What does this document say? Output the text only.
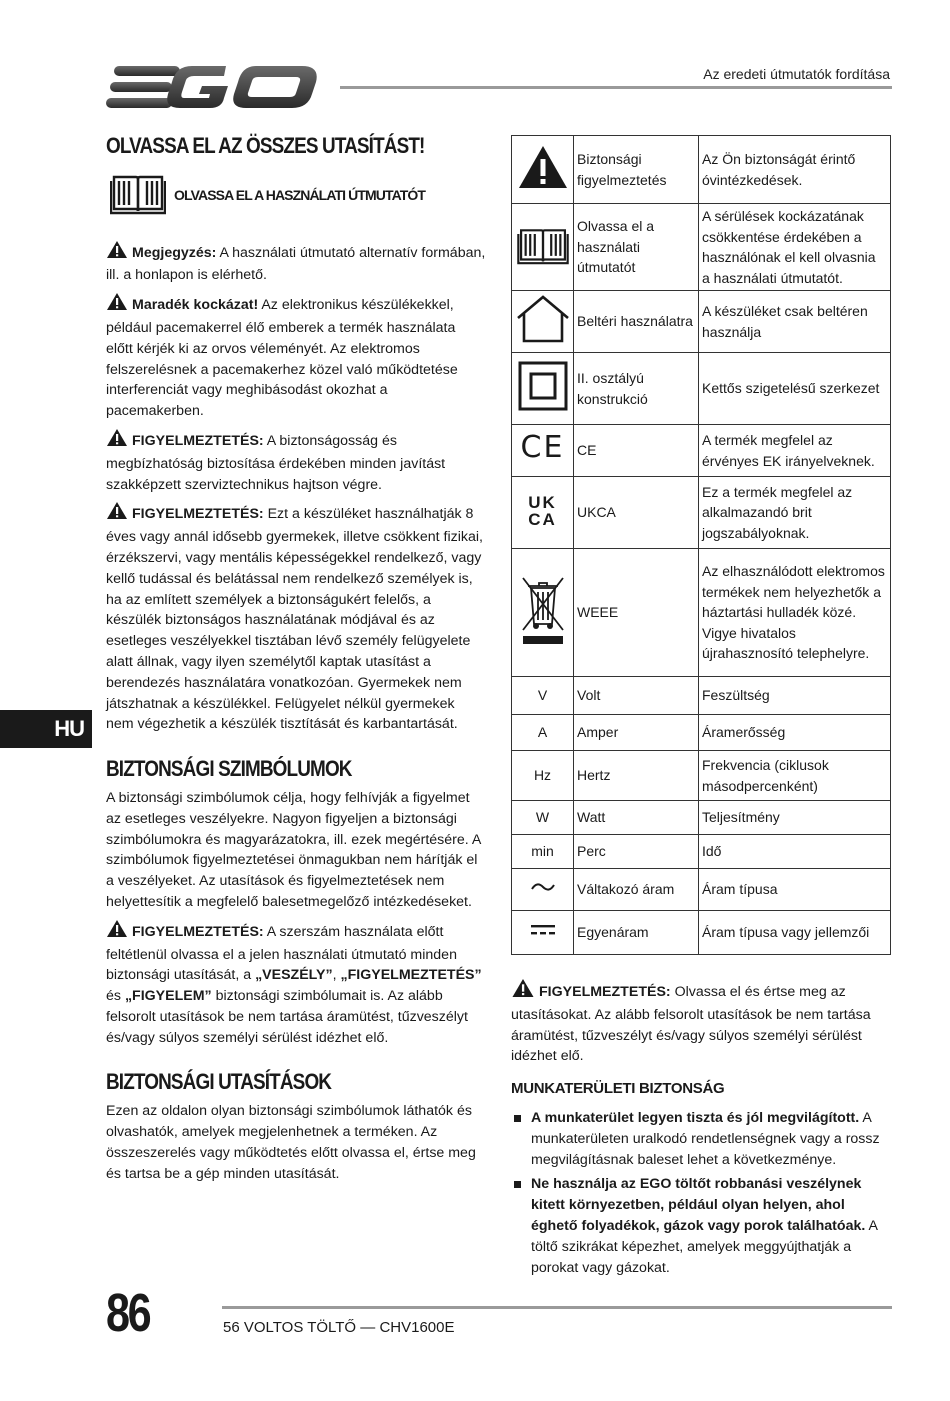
Az eredeti útmutatók fordítása
HU
OLVASSA EL AZ ÖSSZES UTASÍTÁST!
OLVASSA EL A HASZNÁLATI ÚTMUTATÓT

Megjegyzés: A használati útmutató alternatív formában, ill. a honlapon is elérhető.

Maradék kockázat! Az elektronikus készülékekkel, például pacemakerrel élő emberek a termék használata előtt kérjék ki az orvos véleményét. Az elektromos felszerelésnek a pacemakerhez közel való működtetése interferenciát vagy meghibásodást okozhat a pacemakerben.

FIGYELMEZTETÉS: A biztonságosság és megbízhatóság biztosítása érdekében minden javítást szakképzett szerviztechnikus hajtson végre.

FIGYELMEZTETÉS: Ezt a készüléket használhatják 8 éves vagy annál idősebb gyermekek, illetve csökkent fizikai, érzékszervi, vagy mentális képességekkel rendelkező, vagy kellő tudással és belátással nem rendelkező személyek is, ha az említett személyek a biztonságukért felelős, a készülék biztonságos használatának módjával és az esetleges veszélyekkel tisztában lévő személy felügyelete alatt állnak, vagy ilyen személytől kaptak utasítást a berendezés használatára vonatkozóan. Gyermekek nem játszhatnak a készülékkel. Felügyelet nélkül gyermekek nem végezhetik a készülék tisztítását és karbantartását.

BIZTONSÁGI SZIMBÓLUMOK

A biztonsági szimbólumok célja, hogy felhívják a figyelmet az esetleges veszélyekre. Nagyon figyeljen a biztonsági szimbólumokra és magyarázatokra, ill. ezek megértésére. A szimbólumok figyelmeztetései önmagukban nem hárítják el a veszélyeket. Az utasítások és figyelmeztetések nem helyettesítik a megfelelő balesetmegelőző intézkedéseket.

FIGYELMEZTETÉS: A szerszám használata előtt feltétlenül olvassa el a jelen használati útmutató minden biztonsági utasítását, a „VESZÉLY”, „FIGYELMEZTETÉS” és „FIGYELEM” biztonsági szimbólumait is. Az alább felsorolt utasítások be nem tartása áramütést, tűzveszélyt és/vagy súlyos személyi sérülést idézhet elő.

BIZTONSÁGI UTASÍTÁSOK

Ezen az oldalon olyan biztonsági szimbólumok láthatók és olvashatók, amelyek megjelenhetnek a terméken. Az összeszerelés vagy működtetés előtt olvassa el, értse meg és tartsa be a gép minden utasítását.

	Biztonsági figyelmeztetés	Az Ön biztonságát érintő óvintézkedések.
	Olvassa el a használati útmutatót	A sérülések kockázatának csökkentése érdekében a használónak el kell olvasnia a használati útmutatót.
	Beltéri használatra	A készüléket csak beltéren használja
	II. osztályú konstrukció	Kettős szigetelésű szerkezet
CE	CE	A termék megfelel az érvényes EK irányelveknek.
UKCA	UKCA	Ez a termék megfelel az alkalmazandó brit jogszabályoknak.
	WEEE	Az elhasználódott elektromos termékek nem helyezhetők a háztartási hulladék közé. Vigye hivatalos újrahasznosító telephelyre.
V	Volt	Feszültség
A	Amper	Áramerősség
Hz	Hertz	Frekvencia (ciklusok másodpercenként)
W	Watt	Teljesítmény
min	Perc	Idő
	Váltakozó áram	Áram típusa
	Egyenáram	Áram típusa vagy jellemzői

FIGYELMEZTETÉS: Olvassa el és értse meg az utasításokat. Az alább felsorolt utasítások be nem tartása áramütést, tűzveszélyt és/vagy súlyos személyi sérülést idézhet elő.

MUNKATERÜLETI BIZTONSÁG
A munkaterület legyen tiszta és jól megvilágított. A munkaterületen uralkodó rendetlenségnek vagy a rossz megvilágításnak baleset lehet a következménye.
Ne használja az EGO töltőt robbanási veszélynek kitett környezetben, például olyan helyen, ahol éghető folyadékok, gázok vagy porok találhatóak. A töltő szikrákat képezhet, amelyek meggyújthatják a porokat vagy gázokat.
86	56 VOLTOS TÖLTŐ — CHV1600E
